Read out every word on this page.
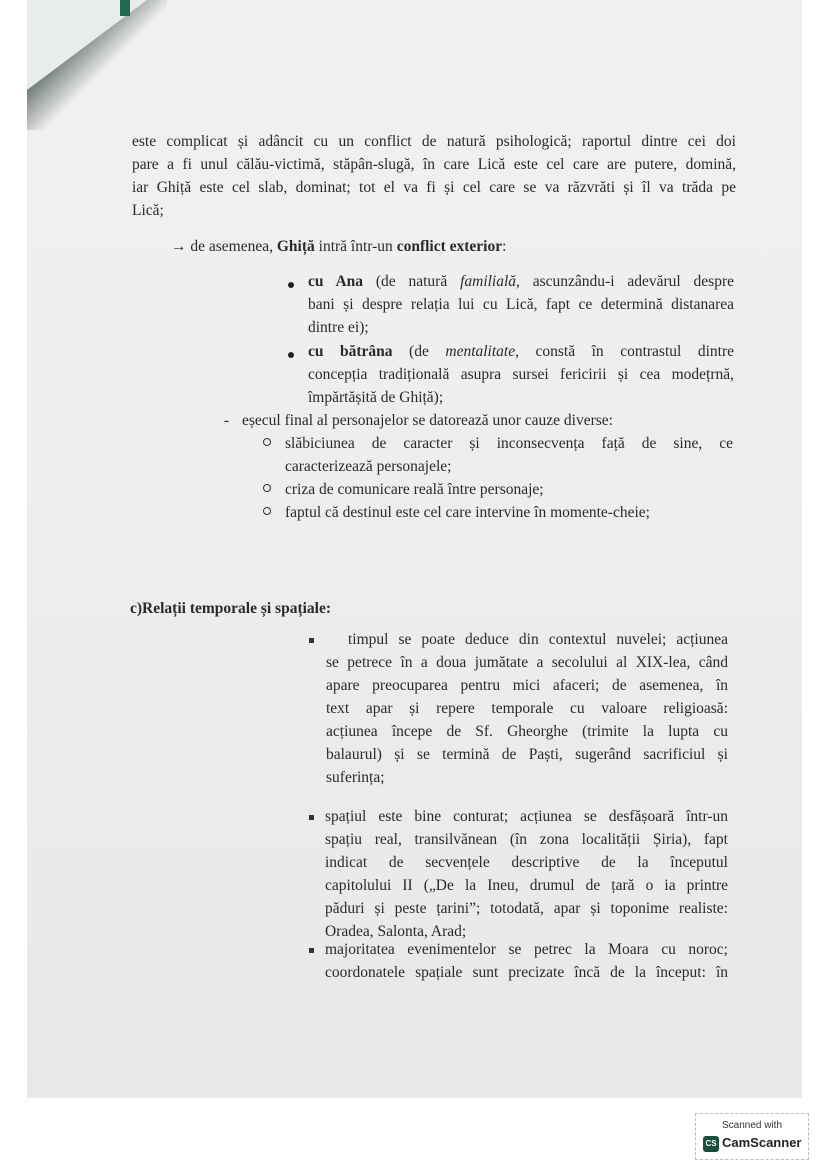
este complicat și adâncit cu un conflict de natură psihologică; raportul dintre cei doi
pare a fi unul călău-victimă, stăpân-slugă, în care Lică este cel care are putere, domină,
iar Ghiță este cel slab, dominat; tot el va fi și cel care se va răzvrăti și îl va trăda pe
Lică;
→ de asemenea, Ghiță intră într-un conflict exterior:
cu Ana (de natură familială, ascunzându-i adevărul despre
bani și despre relația lui cu Lică, fapt ce determină distanarea
dintre ei);
cu bătrâna (de mentalitate, constă în contrastul dintre
concepția tradițională asupra sursei fericirii și cea modețrnă,
împărtășită de Ghiță);
- eșecul final al personajelor se datorează unor cauze diverse:
slăbiciunea de caracter și inconsecvența față de sine, ce
caracterizează personajele;
criza de comunicare reală între personaje;
faptul că destinul este cel care intervine în momente-cheie;
c)Relații temporale și spațiale:
timpul se poate deduce din contextul nuvelei; acțiunea
se petrece în a doua jumătate a secolului al XIX-lea, când
apare preocuparea pentru mici afaceri; de asemenea, în
text apar și repere temporale cu valoare religioasă:
acțiunea începe de Sf. Gheorghe (trimite la lupta cu
balaurul) și se termină de Paști, sugerând sacrificiul și
suferința;
spațiul este bine conturat; acțiunea se desfășoară într-un
spațiu real, transilvănean (în zona localității Șiria), fapt
indicat de secvențele descriptive de la începutul
capitolului II („De la Ineu, drumul de țară o ia printre
păduri și peste țarini”; totodată, apar și toponime realiste:
Oradea, Salonta, Arad;
majoritatea evenimentelor se petrec la Moara cu noroc;
coordonatele spațiale sunt precizate încă de la început: în
Scanned with
CS CamScanner
